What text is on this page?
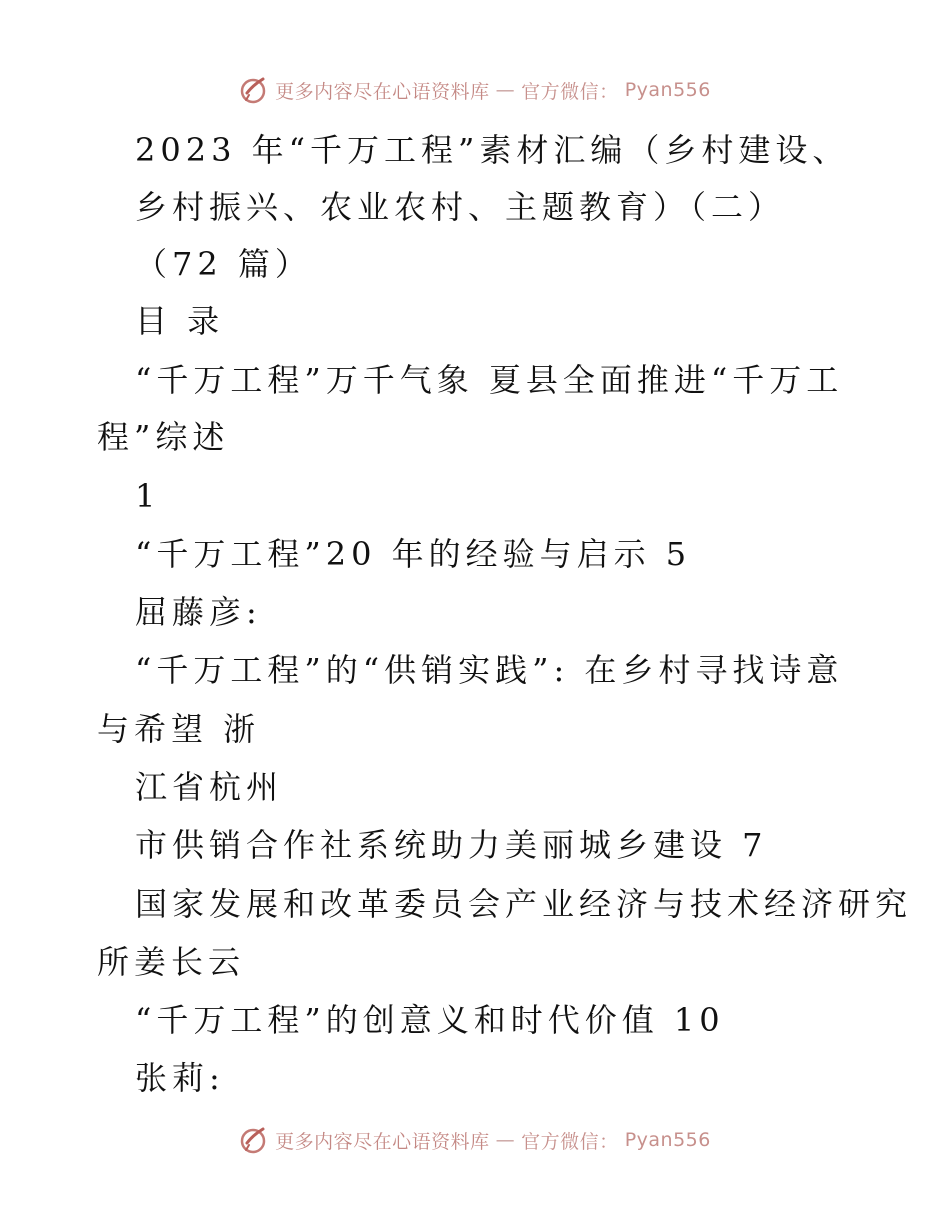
更多内容尽在心语资料库 — 官方微信： Pyan556
2023 年“千万工程”素材汇编（乡村建设、
乡村振兴、农业农村、主题教育）（二）
（72 篇）
目 录
“千万工程”万千气象 夏县全面推进“千万工
程”综述
1
“千万工程”20 年的经验与启示 5
屈藤彦:
“千万工程”的“供销实践”: 在乡村寻找诗意
与希望 浙
江省杭州
市供销合作社系统助力美丽城乡建设 7
国家发展和改革委员会产业经济与技术经济研究
所姜长云
“千万工程”的创意义和时代价值 10
张莉:
更多内容尽在心语资料库 — 官方微信： Pyan556
